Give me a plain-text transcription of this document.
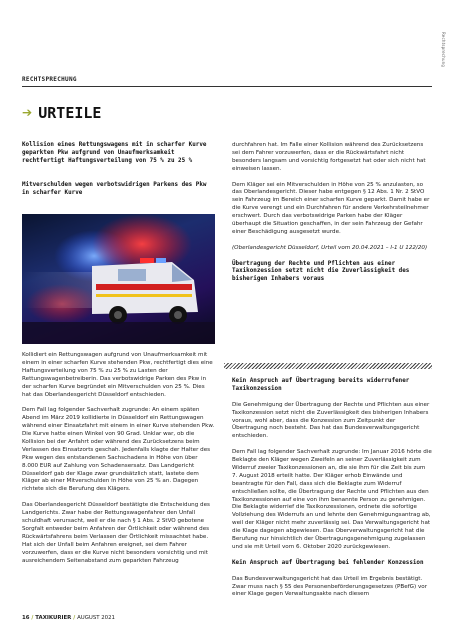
Rechtsprechung
RECHTSPRECHUNG
➔ URTEILE

Kollision eines Rettungswagens mit in scharfer Kurve geparkten Pkw aufgrund von Unaufmerksamkeit rechtfertigt Haftungsverteilung von 75 % zu 25 %

Mitverschulden wegen verbotswidrigen Parkens des Pkw in scharfer Kurve

Kollidiert ein Rettungswagen aufgrund von Unaufmerksamkeit mit einem in einer scharfen Kurve stehenden Pkw, rechtfertigt dies eine Haftungsverteilung von 75 % zu 25 % zu Lasten der Rettungswagenbetreiberin. Das verbotswidrige Parken des Pkw in der scharfen Kurve begründet ein Mitverschulden von 25 %. Dies hat das Oberlandesgericht Düsseldorf entschieden.

Dem Fall lag folgender Sachverhalt zugrunde: An einem späten Abend im März 2019 kollidierte in Düsseldorf ein Rettungswagen während einer Einsatzfahrt mit einem in einer Kurve stehenden Pkw. Die Kurve hatte einen Winkel von 90 Grad. Unklar war, ob die Kollision bei der Anfahrt oder während des Zurücksetzens beim Verlassen des Einsatzorts geschah. Jedenfalls klagte der Halter des Pkw wegen des entstandenen Sachschadens in Höhe von über 8.000 EUR auf Zahlung von Schadensersatz. Das Landgericht Düsseldorf gab der Klage zwar grundsätzlich statt, lastete dem Kläger ab einer Mitverschulden in Höhe von 25 % an. Dagegen richtete sich die Berufung des Klägers.

Das Oberlandesgericht Düsseldorf bestätigte die Entscheidung des Landgerichts. Zwar habe der Rettungswagenfahrer den Unfall schuldhaft verursacht, weil er die nach § 1 Abs. 2 StVO gebotene Sorgfalt entweder beim Anfahren der Örtlichkeit oder während des Rückwärtsfahrens beim Verlassen der Örtlichkeit missachtet habe. Hat sich der Unfall beim Anfahren ereignet, sei dem Fahrer vorzuwerfen, dass er die Kurve nicht besonders vorsichtig und mit ausreichendem Seitenabstand zum geparkten Fahrzeug

durchfahren hat. Im Falle einer Kollision während des Zurücksetzens sei dem Fahrer vorzuwerfen, dass er die Rückwärtsfahrt nicht besonders langsam und vorsichtig fortgesetzt hat oder sich nicht hat einweisen lassen.

Dem Kläger sei ein Mitverschulden in Höhe von 25 % anzulasten, so das Oberlandesgericht. Dieser habe entgegen § 12 Abs. 1 Nr. 2 StVO sein Fahrzeug im Bereich einer scharfen Kurve geparkt. Damit habe er die Kurve verengt und ein Durchfahren für andere Verkehrsteilnehmer erschwert. Durch das verbotswidrige Parken habe der Kläger überhaupt die Situation geschaffen, in der sein Fahrzeug der Gefahr einer Beschädigung ausgesetzt wurde.

(Oberlandesgericht Düsseldorf, Urteil vom 20.04.2021 – I-1 U 122/20)

Übertragung der Rechte und Pflichten aus einer Taxikonzession setzt nicht die Zuverlässigkeit des bisherigen Inhabers voraus

Kein Anspruch auf Übertragung bereits widerrufener Taxikonzession

Die Genehmigung der Übertragung der Rechte und Pflichten aus einer Taxikonzession setzt nicht die Zuverlässigkeit des bisherigen Inhabers voraus, wohl aber, dass die Konzession zum Zeitpunkt der Übertragung noch besteht. Das hat das Bundesverwaltungsgericht entschieden.

Dem Fall lag folgender Sachverhalt zugrunde: Im Januar 2016 hörte die Beklagte den Kläger wegen Zweifeln an seiner Zuverlässigkeit zum Widerruf zweier Taxikonzessionen an, die sie ihm für die Zeit bis zum 7. August 2018 erteilt hatte. Der Kläger erhob Einwände und beantragte für den Fall, dass sich die Beklagte zum Widerruf entschließen sollte, die Übertragung der Rechte und Pflichten aus den Taxikonzessionen auf eine von ihm benannte Person zu genehmigen. Die Beklagte widerrief die Taxikonzessionen, ordnete die sofortige Vollziehung des Widerrufs an und lehnte den Genehmigungsantrag ab, weil der Kläger nicht mehr zuverlässig sei. Das Verwaltungsgericht hat die Klage dagegen abgewiesen. Das Oberverwaltungsgericht hat die Berufung nur hinsichtlich der Übertragungsgenehmigung zugelassen und sie mit Urteil vom 6. Oktober 2020 zurückgewiesen.

Kein Anspruch auf Übertragung bei fehlender Konzession

Das Bundesverwaltungsgericht hat das Urteil im Ergebnis bestätigt. Zwar muss nach § 55 des Personenbeförderungsgesetzes (PBefG) vor einer Klage gegen Verwaltungsakte nach diesem

16 / TAXIKURIER / AUGUST 2021
